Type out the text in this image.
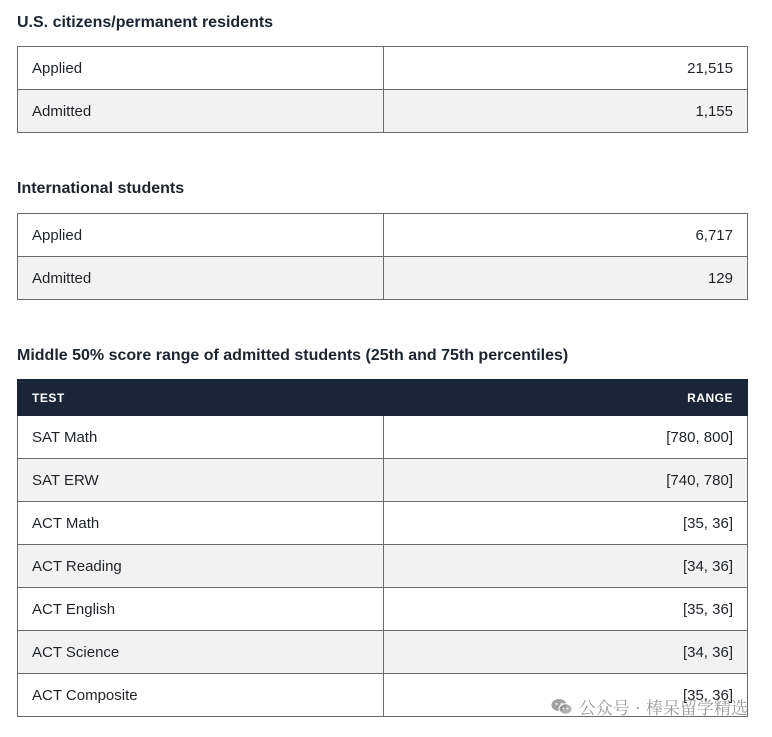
U.S. citizens/permanent residents
Applied	21,515
Admitted	1,155
International students
Applied	6,717
Admitted	129
Middle 50% score range of admitted students (25th and 75th percentiles)
TEST	RANGE
SAT Math	[780, 800]
SAT ERW	[740, 780]
ACT Math	[35, 36]
ACT Reading	[34, 36]
ACT English	[35, 36]
ACT Science	[34, 36]
ACT Composite	[35, 36]
公众号 · 棒呆留学精选
